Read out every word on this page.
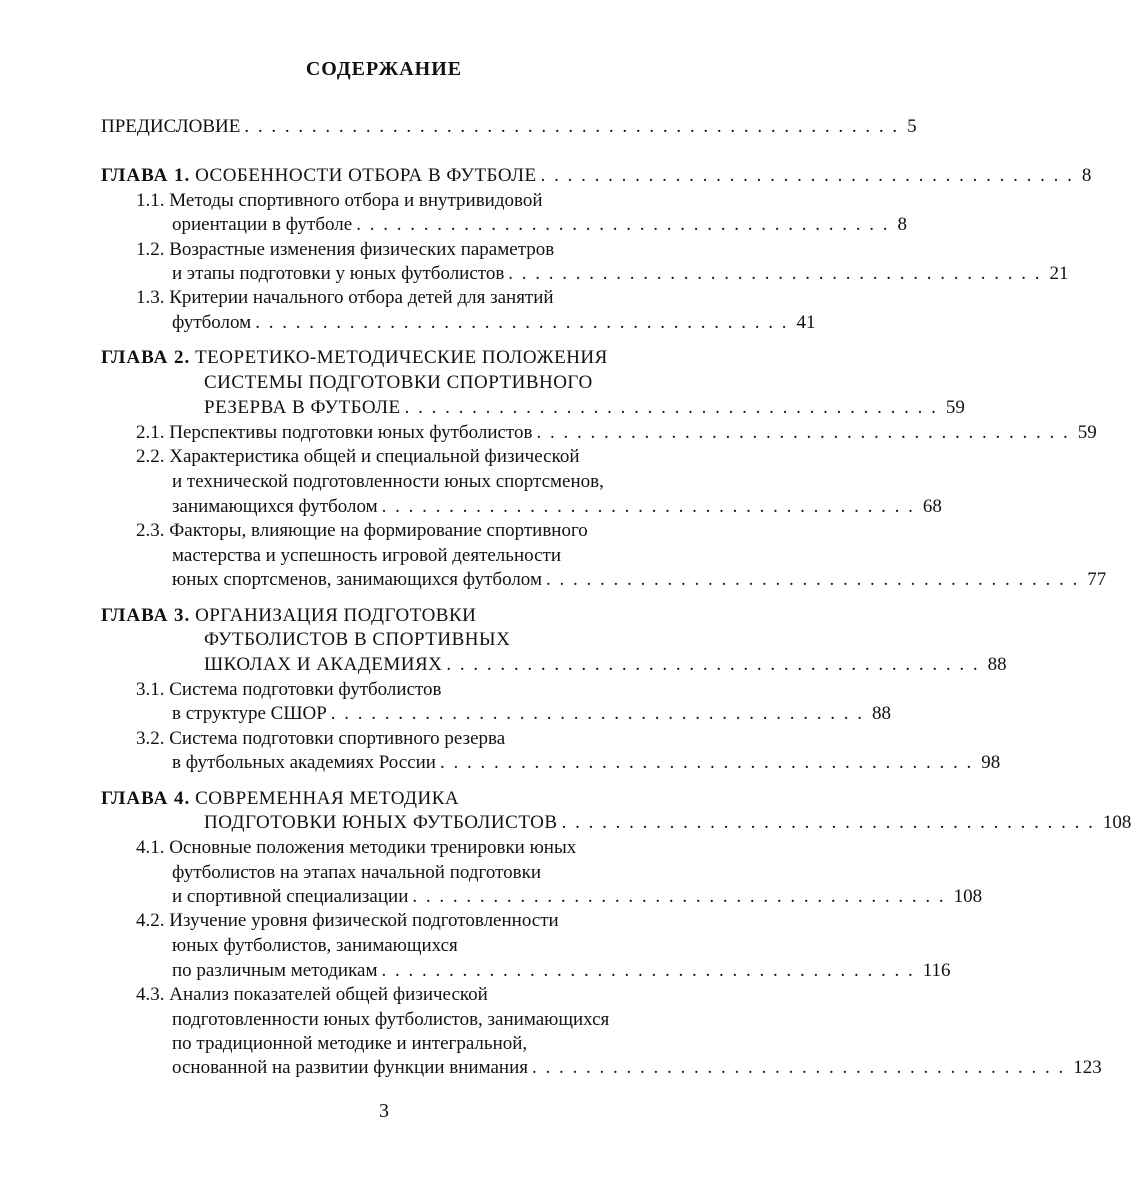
СОДЕРЖАНИЕ
ПРЕДИСЛОВИЕ . . . . . . . . . . . . . . . . . . . . . . . . . . . . . . . . . . . . . . . . . . . . . . . . . 5
ГЛАВА 1. ОСОБЕННОСТИ ОТБОРА В ФУТБОЛЕ . . . . . . . . . . . . . . . . . . . . . . . . . . . . . . . . . . . . . . . . 8
1.1. Методы спортивного отбора и внутривидовой
ориентации в футболе . . . . . . . . . . . . . . . . . . . . . . . . . . . . . . . . . . . . . . . . 8
1.2. Возрастные изменения физических параметров
и этапы подготовки у юных футболистов . . . . . . . . . . . . . . . . . . . . . . . . . . . . . . . . . . . . . . . . 21
1.3. Критерии начального отбора детей для занятий
футболом . . . . . . . . . . . . . . . . . . . . . . . . . . . . . . . . . . . . . . . . 41
ГЛАВА 2. ТЕОРЕТИКО-МЕТОДИЧЕСКИЕ ПОЛОЖЕНИЯ
СИСТЕМЫ ПОДГОТОВКИ СПОРТИВНОГО
РЕЗЕРВА В ФУТБОЛЕ . . . . . . . . . . . . . . . . . . . . . . . . . . . . . . . . . . . . . . . . 59
2.1. Перспективы подготовки юных футболистов . . . . . . . . . . . . . . . . . . . . . . . . . . . . . . . . . . . . . . . . 59
2.2. Характеристика общей и специальной физической
и технической подготовленности юных спортсменов,
занимающихся футболом . . . . . . . . . . . . . . . . . . . . . . . . . . . . . . . . . . . . . . . . 68
2.3. Факторы, влияющие на формирование спортивного
мастерства и успешность игровой деятельности
юных спортсменов, занимающихся футболом . . . . . . . . . . . . . . . . . . . . . . . . . . . . . . . . . . . . . . . . 77
ГЛАВА 3. ОРГАНИЗАЦИЯ ПОДГОТОВКИ
ФУТБОЛИСТОВ В СПОРТИВНЫХ
ШКОЛАХ И АКАДЕМИЯХ . . . . . . . . . . . . . . . . . . . . . . . . . . . . . . . . . . . . . . . . 88
3.1. Система подготовки футболистов
в структуре СШОР . . . . . . . . . . . . . . . . . . . . . . . . . . . . . . . . . . . . . . . . 88
3.2. Система подготовки спортивного резерва
в футбольных академиях России . . . . . . . . . . . . . . . . . . . . . . . . . . . . . . . . . . . . . . . . 98
ГЛАВА 4. СОВРЕМЕННАЯ МЕТОДИКА
ПОДГОТОВКИ ЮНЫХ ФУТБОЛИСТОВ . . . . . . . . . . . . . . . . . . . . . . . . . . . . . . . . . . . . . . . . 108
4.1. Основные положения методики тренировки юных
футболистов на этапах начальной подготовки
и спортивной специализации . . . . . . . . . . . . . . . . . . . . . . . . . . . . . . . . . . . . . . . . 108
4.2. Изучение уровня физической подготовленности
юных футболистов, занимающихся
по различным методикам . . . . . . . . . . . . . . . . . . . . . . . . . . . . . . . . . . . . . . . . 116
4.3. Анализ показателей общей физической
подготовленности юных футболистов, занимающихся
по традиционной методике и интегральной,
основанной на развитии функции внимания . . . . . . . . . . . . . . . . . . . . . . . . . . . . . . . . . . . . . . . . 123
3
